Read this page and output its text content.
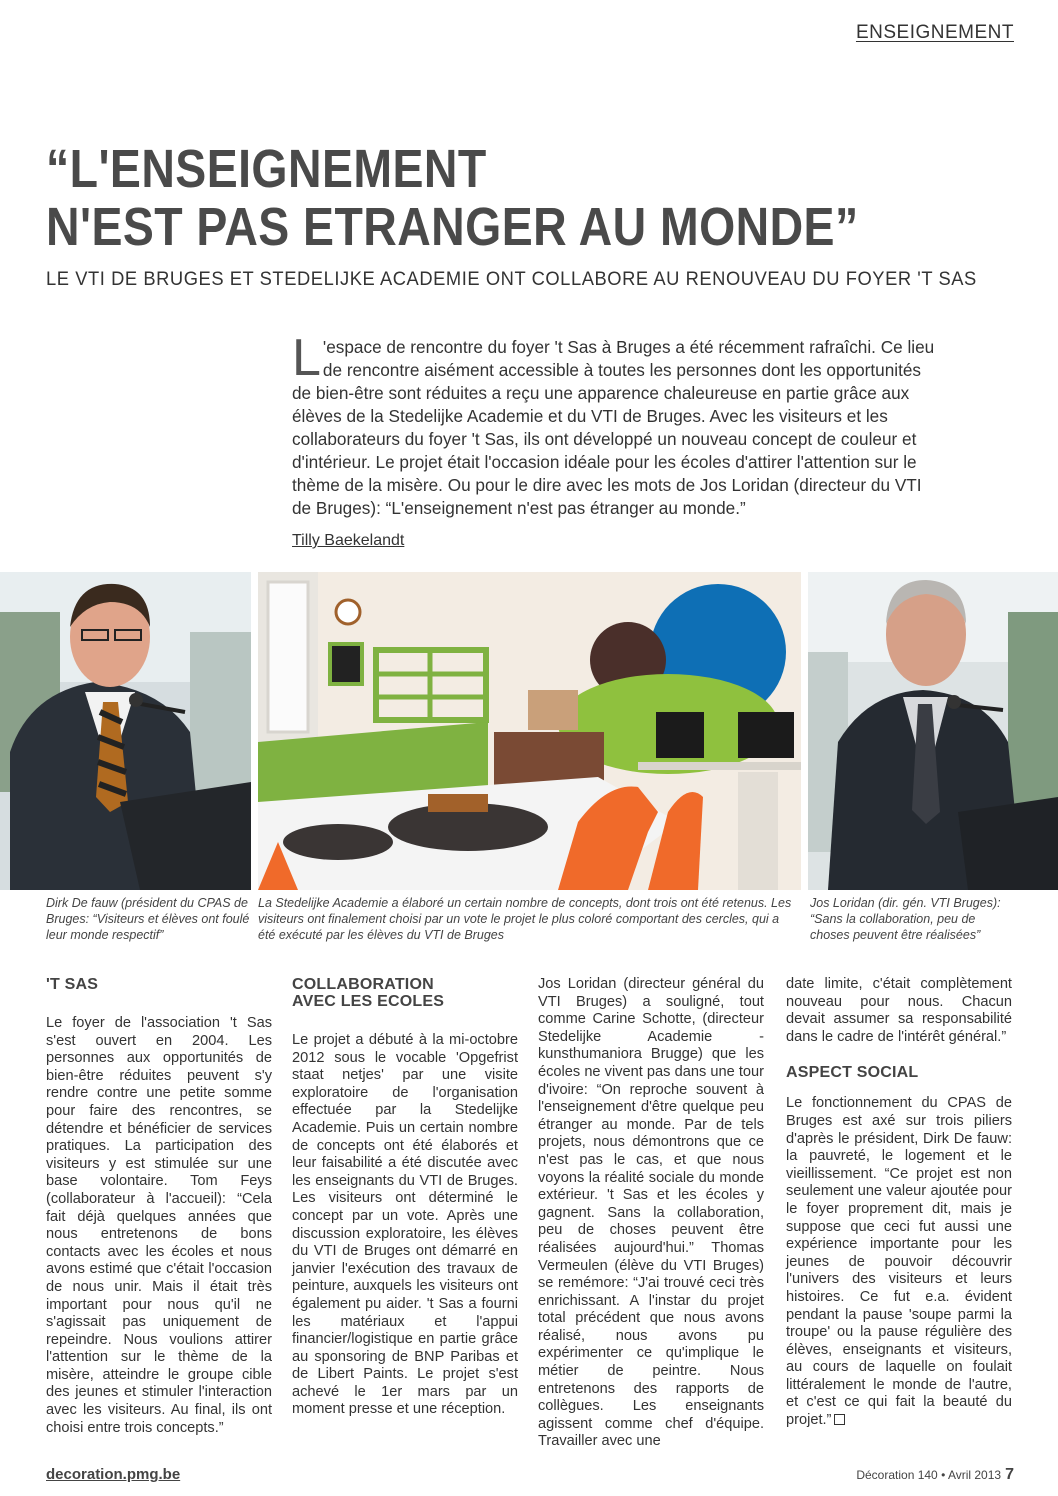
ENSEIGNEMENT
“L'ENSEIGNEMENT
N'EST PAS ETRANGER AU MONDE”
LE VTI DE BRUGES ET STEDELIJKE ACADEMIE ONT COLLABORE AU RENOUVEAU DU FOYER 'T SAS

L 'espace de rencontre du foyer 't Sas à Bruges a été récemment rafraîchi. Ce lieu de rencontre aisément accessible à toutes les personnes dont les opportunités de bien-être sont réduites a reçu une apparence chaleureuse en partie grâce aux élèves de la Stedelijke Academie et du VTI de Bruges. Avec les visiteurs et les collaborateurs du foyer 't Sas, ils ont développé un nouveau concept de couleur et d'intérieur. Le projet était l'occasion idéale pour les écoles d'attirer l'attention sur le thème de la misère. Ou pour le dire avec les mots de Jos Loridan (directeur du VTI de Bruges): “L'enseignement n'est pas étranger au monde.”

Tilly Baekelandt
Dirk De fauw (président du CPAS de Bruges: “Visiteurs et élèves ont foulé leur monde respectif”
La Stedelijke Academie a élaboré un certain nombre de concepts, dont trois ont été retenus. Les visiteurs ont finalement choisi par un vote le projet le plus coloré comportant des cercles, qui a été exécuté par les élèves du VTI de Bruges
Jos Loridan (dir. gén. VTI Bruges): “Sans la collaboration, peu de choses peuvent être réalisées”
'T SAS

Le foyer de l'association 't Sas s'est ouvert en 2004. Les personnes aux opportunités de bien-être réduites peuvent s'y rendre contre une petite somme pour faire des rencontres, se détendre et bénéficier de services pratiques. La participation des visiteurs y est stimulée sur une base volontaire. Tom Feys (collaborateur à l'accueil): “Cela fait déjà quelques années que nous entretenons de bons contacts avec les écoles et nous avons estimé que c'était l'occasion de nous unir. Mais il était très important pour nous qu'il ne s'agissait pas uniquement de repeindre. Nous voulions attirer l'attention sur le thème de la misère, atteindre le groupe cible des jeunes et stimuler l'interaction avec les visiteurs. Au final, ils ont choisi entre trois concepts.”

COLLABORATION
AVEC LES ECOLES

Le projet a débuté à la mi-octobre 2012 sous le vocable 'Opgefrist staat netjes' par une visite exploratoire de l'organisation effectuée par la Stedelijke Academie. Puis un certain nombre de concepts ont été élaborés et leur faisabilité a été discutée avec les enseignants du VTI de Bruges. Les visiteurs ont déterminé le concept par un vote. Après une discussion exploratoire, les élèves du VTI de Bruges ont démarré en janvier l'exécution des travaux de peinture, auxquels les visiteurs ont également pu aider. 't Sas a fourni les matériaux et l'appui financier/logistique en partie grâce au sponsoring de BNP Paribas et de Libert Paints. Le projet s'est achevé le 1er mars par un moment presse et une réception.

Jos Loridan (directeur général du VTI Bruges) a souligné, tout comme Carine Schotte, (directeur Stedelijke Academie - kunsthumaniora Brugge) que les écoles ne vivent pas dans une tour d'ivoire: “On reproche souvent à l'enseignement d'être quelque peu étranger au monde. Par de tels projets, nous démontrons que ce n'est pas le cas, et que nous voyons la réalité sociale du monde extérieur. 't Sas et les écoles y gagnent. Sans la collaboration, peu de choses peuvent être réalisées aujourd'hui.” Thomas Vermeulen (élève du VTI Bruges) se remémore: “J'ai trouvé ceci très enrichissant. A l'instar du projet total précédent que nous avons réalisé, nous avons pu expérimenter ce qu'implique le métier de peintre. Nous entretenons des rapports de collègues. Les enseignants agissent comme chef d'équipe. Travailler avec une

date limite, c'était complètement nouveau pour nous. Chacun devait assumer sa responsabilité dans le cadre de l'intérêt général.”

ASPECT SOCIAL

Le fonctionnement du CPAS de Bruges est axé sur trois piliers d'après le président, Dirk De fauw: la pauvreté, le logement et le vieillissement. “Ce projet est non seulement une valeur ajoutée pour le foyer proprement dit, mais je suppose que ceci fut aussi une expérience importante pour les jeunes de pouvoir découvrir l'univers des visiteurs et leurs histoires. Ce fut e.a. évident pendant la pause 'soupe parmi la troupe' ou la pause régulière des élèves, enseignants et visiteurs, au cours de laquelle on foulait littéralement le monde de l'autre, et c'est ce qui fait la beauté du projet.”

decoration.pmg.be	Décoration 140 • Avril 2013 7
